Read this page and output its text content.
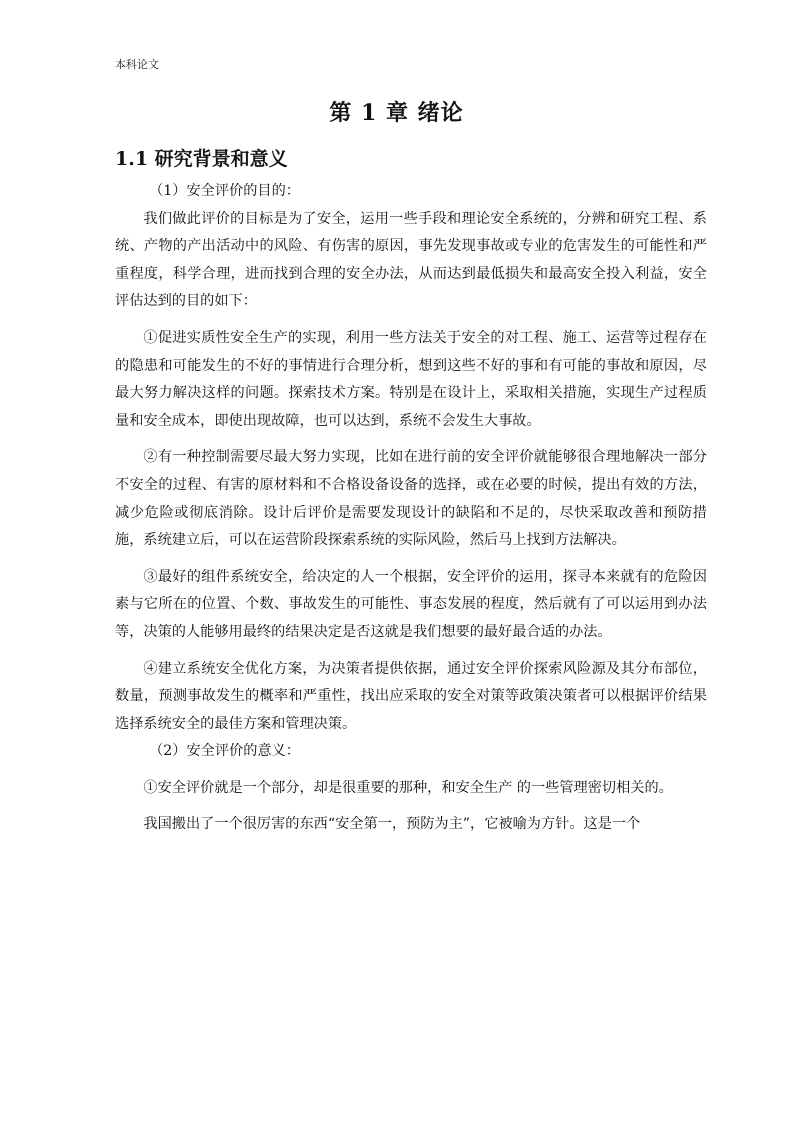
本科论文
第 1 章 绪论
1.1 研究背景和意义

（1）安全评价的目的：

我们做此评价的目标是为了安全，运用一些手段和理论安全系统的，分辨和研究工程、系统、产物的产出活动中的风险、有伤害的原因，事先发现事故或专业的危害发生的可能性和严重程度，科学合理，进而找到合理的安全办法，从而达到最低损失和最高安全投入利益，安全评估达到的目的如下：

①促进实质性安全生产的实现，利用一些方法关于安全的对工程、施工、运营等过程存在的隐患和可能发生的不好的事情进行合理分析，想到这些不好的事和有可能的事故和原因，尽最大努力解决这样的问题。探索技术方案。特别是在设计上，采取相关措施，实现生产过程质量和安全成本，即使出现故障，也可以达到，系统不会发生大事故。

②有一种控制需要尽最大努力实现，比如在进行前的安全评价就能够很合理地解决一部分不安全的过程、有害的原材料和不合格设备设备的选择，或在必要的时候，提出有效的方法，减少危险或彻底消除。设计后评价是需要发现设计的缺陷和不足的，尽快采取改善和预防措施，系统建立后，可以在运营阶段探索系统的实际风险，然后马上找到方法解决。

③最好的组件系统安全，给决定的人一个根据，安全评价的运用，探寻本来就有的危险因素与它所在的位置、个数、事故发生的可能性、事态发展的程度，然后就有了可以运用到办法等，决策的人能够用最终的结果决定是否这就是我们想要的最好最合适的办法。

④建立系统安全优化方案，为决策者提供依据，通过安全评价探索风险源及其分布部位，数量，预测事故发生的概率和严重性，找出应采取的安全对策等政策决策者可以根据评价结果选择系统安全的最佳方案和管理决策。

（2）安全评价的意义：

①安全评价就是一个部分，却是很重要的那种，和安全生产 的一些管理密切相关的。

我国搬出了一个很厉害的东西“安全第一，预防为主”，它被喻为方针。这是一个
